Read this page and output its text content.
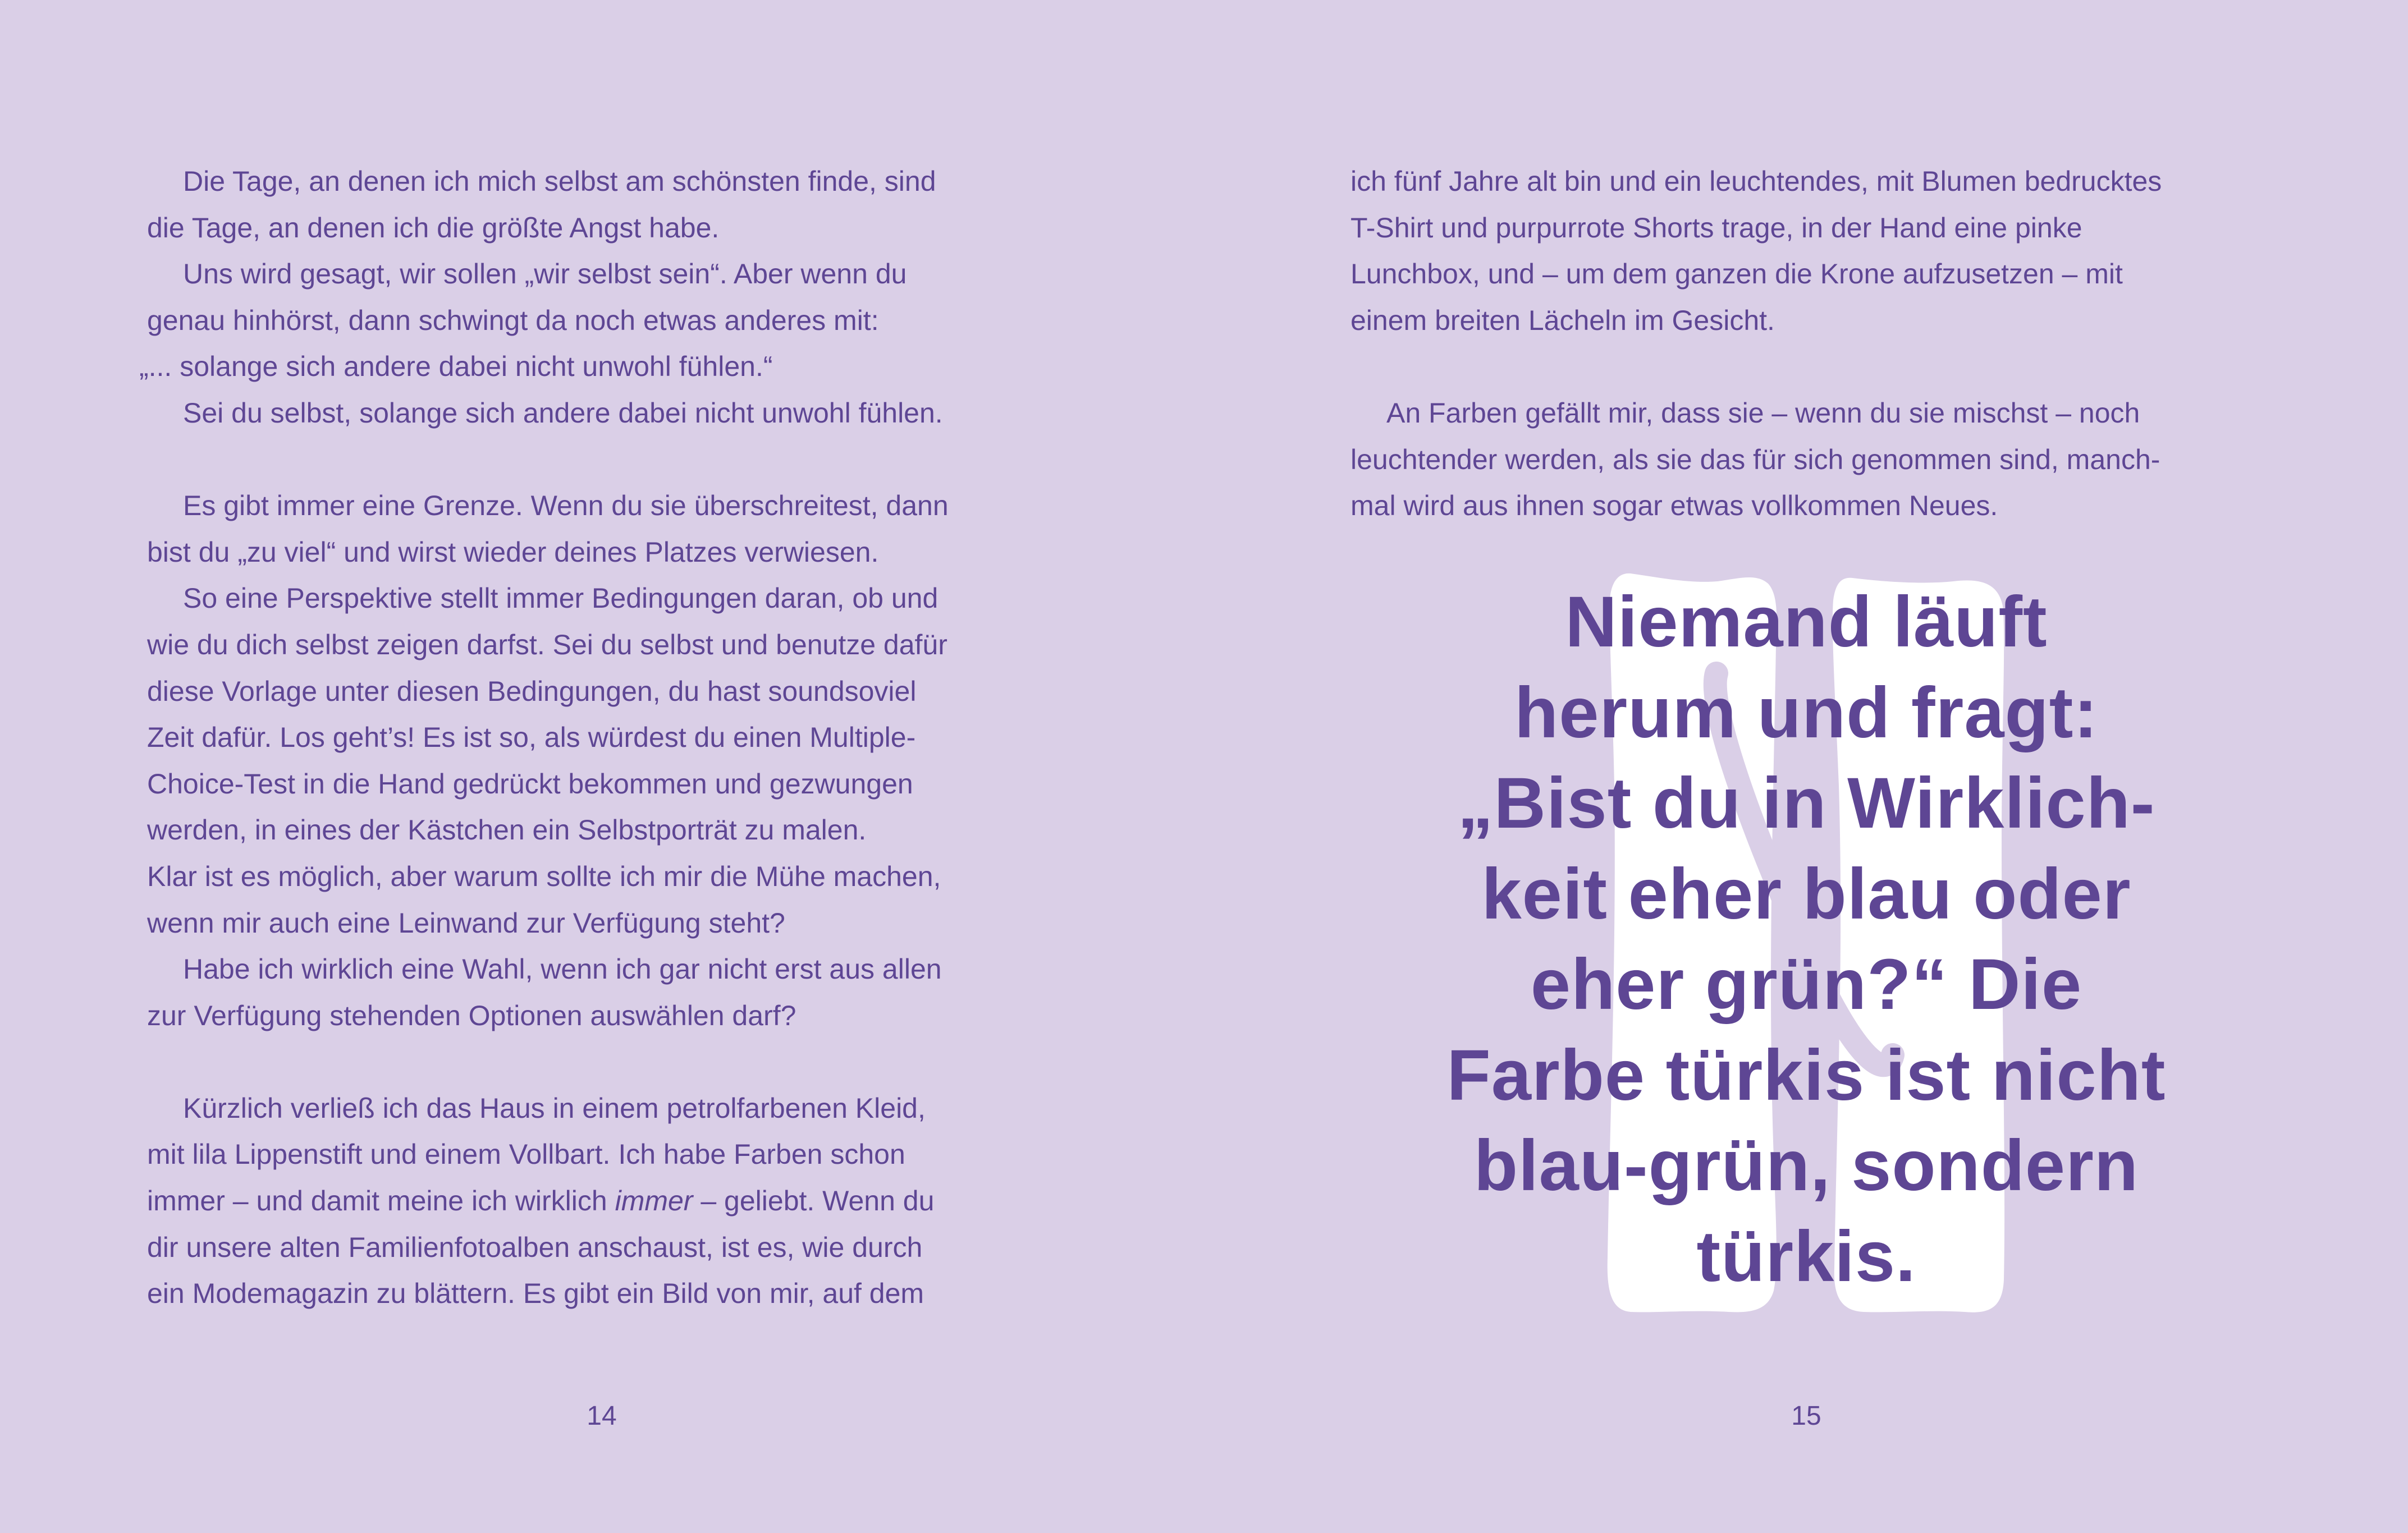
Die Tage, an denen ich mich selbst am schönsten finde, sind
die Tage, an denen ich die größte Angst habe.
Uns wird gesagt, wir sollen „wir selbst sein“. Aber wenn du
genau hinhörst, dann schwingt da noch etwas anderes mit:
„... solange sich andere dabei nicht unwohl fühlen.“
Sei du selbst, solange sich andere dabei nicht unwohl fühlen.
Es gibt immer eine Grenze. Wenn du sie überschreitest, dann
bist du „zu viel“ und wirst wieder deines Platzes verwiesen.
So eine Perspektive stellt immer Bedingungen daran, ob und
wie du dich selbst zeigen darfst. Sei du selbst und benutze dafür
diese Vorlage unter diesen Bedingungen, du hast soundsoviel
Zeit dafür. Los geht’s! Es ist so, als würdest du einen Multiple-
Choice-Test in die Hand gedrückt bekommen und gezwungen
werden, in eines der Kästchen ein Selbstporträt zu malen.
Klar ist es möglich, aber warum sollte ich mir die Mühe machen,
wenn mir auch eine Leinwand zur Verfügung steht?
Habe ich wirklich eine Wahl, wenn ich gar nicht erst aus allen
zur Verfügung stehenden Optionen auswählen darf?
Kürzlich verließ ich das Haus in einem petrolfarbenen Kleid,
mit lila Lippenstift und einem Vollbart. Ich habe Farben schon
immer – und damit meine ich wirklich immer – geliebt. Wenn du
dir unsere alten Familienfotoalben anschaust, ist es, wie durch
ein Modemagazin zu blättern. Es gibt ein Bild von mir, auf dem
ich fünf Jahre alt bin und ein leuchtendes, mit Blumen bedrucktes
T-Shirt und purpurrote Shorts trage, in der Hand eine pinke
Lunchbox, und – um dem ganzen die Krone aufzusetzen – mit
einem breiten Lächeln im Gesicht.
An Farben gefällt mir, dass sie – wenn du sie mischst – noch
leuchtender werden, als sie das für sich genommen sind, manch-
mal wird aus ihnen sogar etwas vollkommen Neues.
Niemand läuft
herum und fragt:
„Bist du in Wirklich-
keit eher blau oder
eher grün?“ Die
Farbe türkis ist nicht
blau-grün, sondern
türkis.
14	15
